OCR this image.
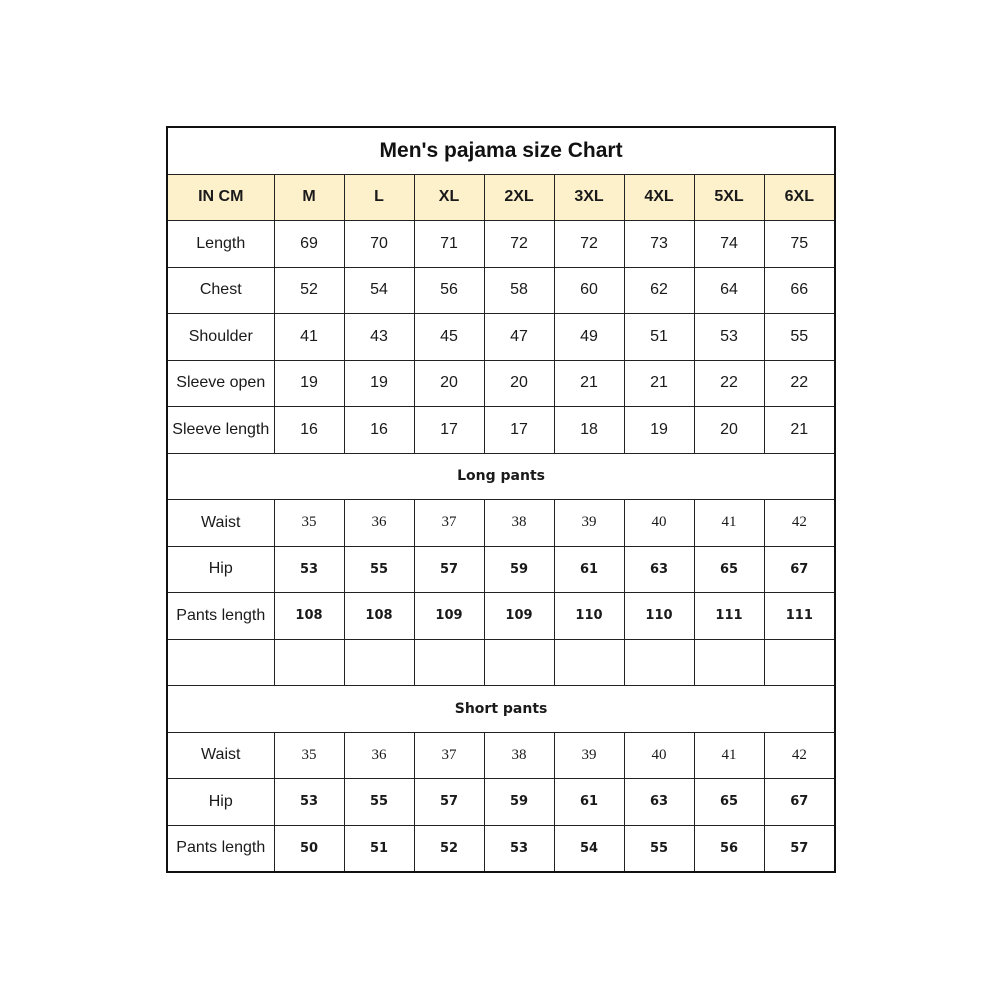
Men's pajama size Chart								
IN CM	M	L	XL	2XL	3XL	4XL	5XL	6XL
Length	69	70	71	72	72	73	74	75
Chest	52	54	56	58	60	62	64	66
Shoulder	41	43	45	47	49	51	53	55
Sleeve open	19	19	20	20	21	21	22	22
Sleeve length	16	16	17	17	18	19	20	21
Long pants								
Waist	35	36	37	38	39	40	41	42
Hip	53	55	57	59	61	63	65	67
Pants length	108	108	109	109	110	110	111	111

Short pants								
Waist	35	36	37	38	39	40	41	42
Hip	53	55	57	59	61	63	65	67
Pants length	50	51	52	53	54	55	56	57
